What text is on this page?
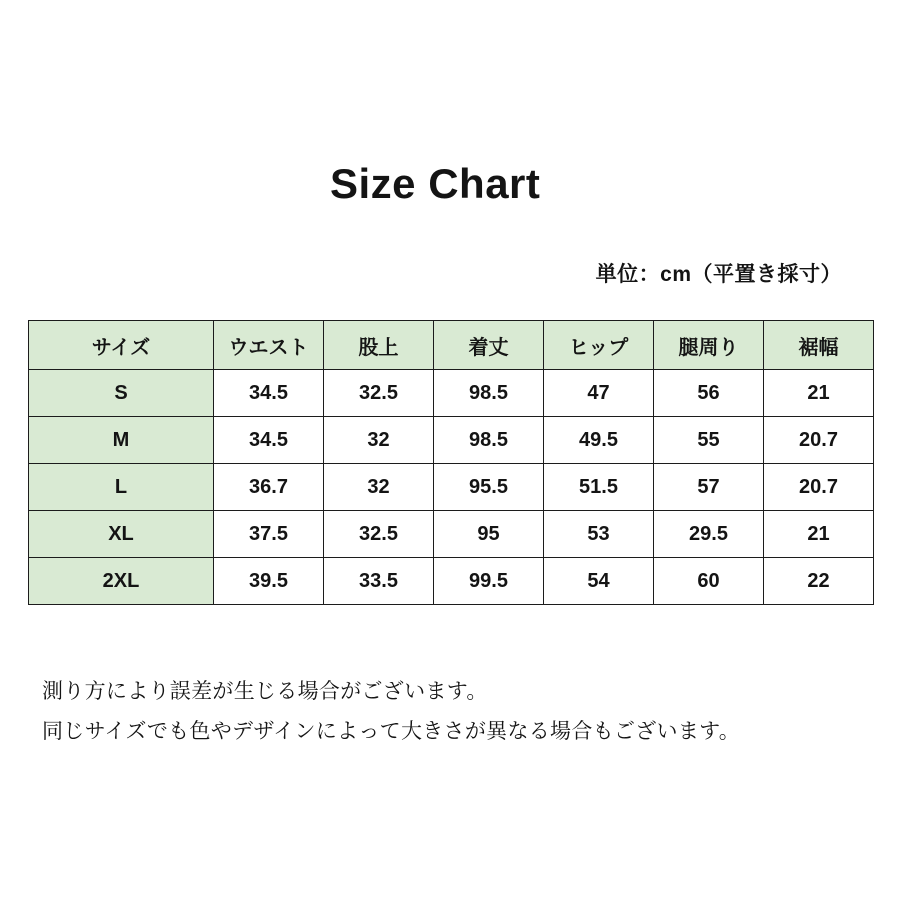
Size Chart
単位：cm（平置き採寸）
サイズ	ウエスト	股上	着丈	ヒップ	腿周り	裾幅
S	34.5	32.5	98.5	47	56	21
M	34.5	32	98.5	49.5	55	20.7
L	36.7	32	95.5	51.5	57	20.7
XL	37.5	32.5	95	53	29.5	21
2XL	39.5	33.5	99.5	54	60	22
測り方により誤差が生じる場合がございます。
同じサイズでも色やデザインによって大きさが異なる場合もございます。
